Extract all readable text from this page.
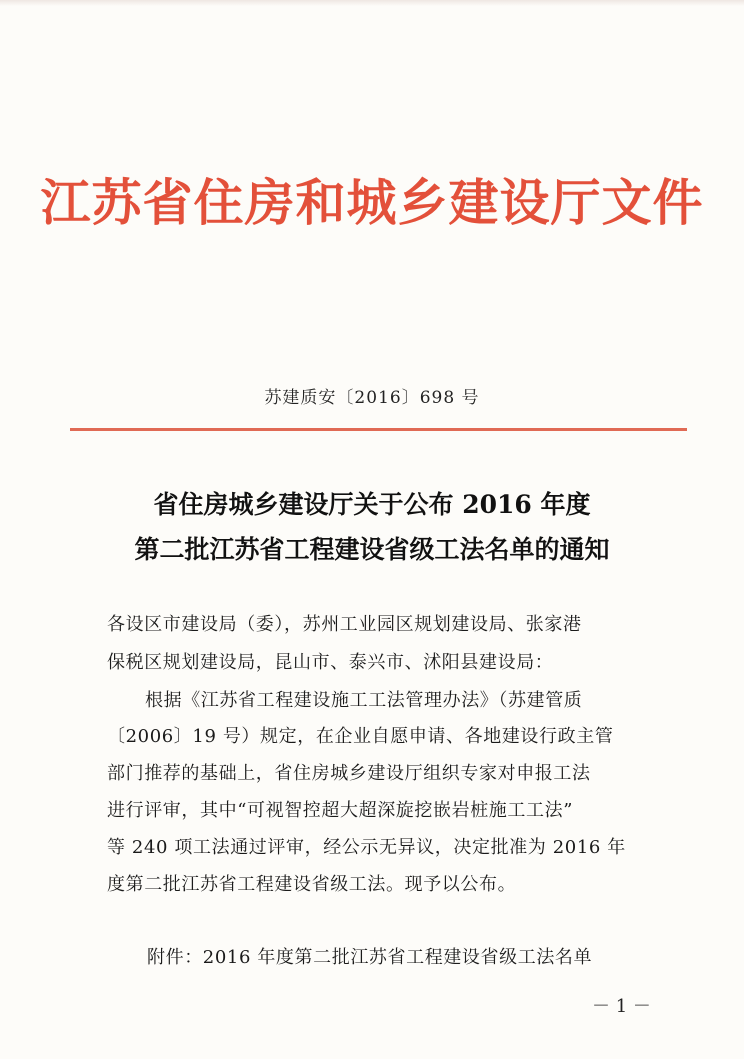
江苏省住房和城乡建设厅文件
苏建质安〔2016〕698 号
省住房城乡建设厅关于公布 2016 年度
第二批江苏省工程建设省级工法名单的通知
各设区市建设局（委），苏州工业园区规划建设局、张家港
保税区规划建设局，昆山市、泰兴市、沭阳县建设局：
根据《江苏省工程建设施工工法管理办法》（苏建管质
〔2006〕19 号）规定，在企业自愿申请、各地建设行政主管
部门推荐的基础上，省住房城乡建设厅组织专家对申报工法
进行评审，其中“可视智控超大超深旋挖嵌岩桩施工工法”
等 240 项工法通过评审，经公示无异议，决定批准为 2016 年
度第二批江苏省工程建设省级工法。现予以公布。
附件：2016 年度第二批江苏省工程建设省级工法名单
－ 1 －
